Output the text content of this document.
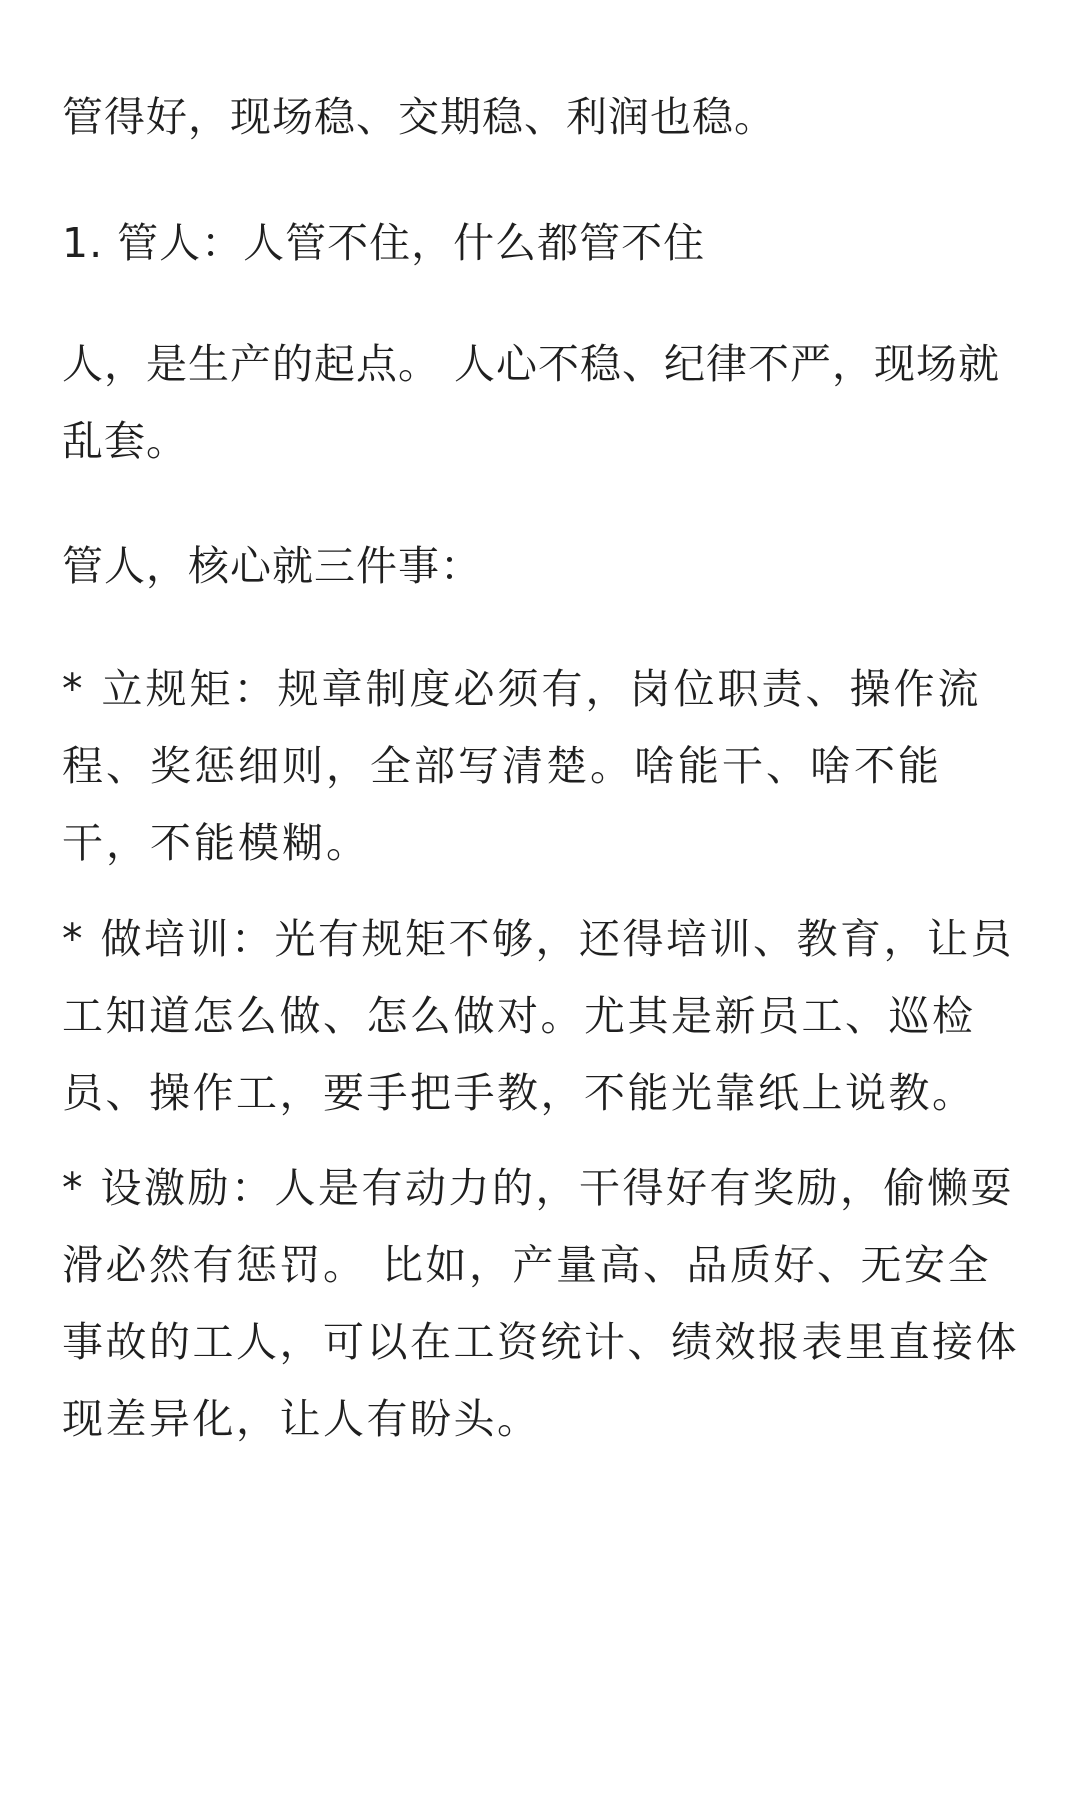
管得好，现场稳、交期稳、利润也稳。

1. 管人：人管不住，什么都管不住

人，是生产的起点。 人心不稳、纪律不严，现场就乱套。

管人，核心就三件事：

* 立规矩：规章制度必须有，岗位职责、操作流程、奖惩细则，全部写清楚。啥能干、啥不能干，不能模糊。

* 做培训：光有规矩不够，还得培训、教育，让员工知道怎么做、怎么做对。尤其是新员工、巡检员、操作工，要手把手教，不能光靠纸上说教。

* 设激励：人是有动力的，干得好有奖励，偷懒耍滑必然有惩罚。 比如，产量高、品质好、无安全事故的工人，可以在工资统计、绩效报表里直接体现差异化，让人有盼头。
